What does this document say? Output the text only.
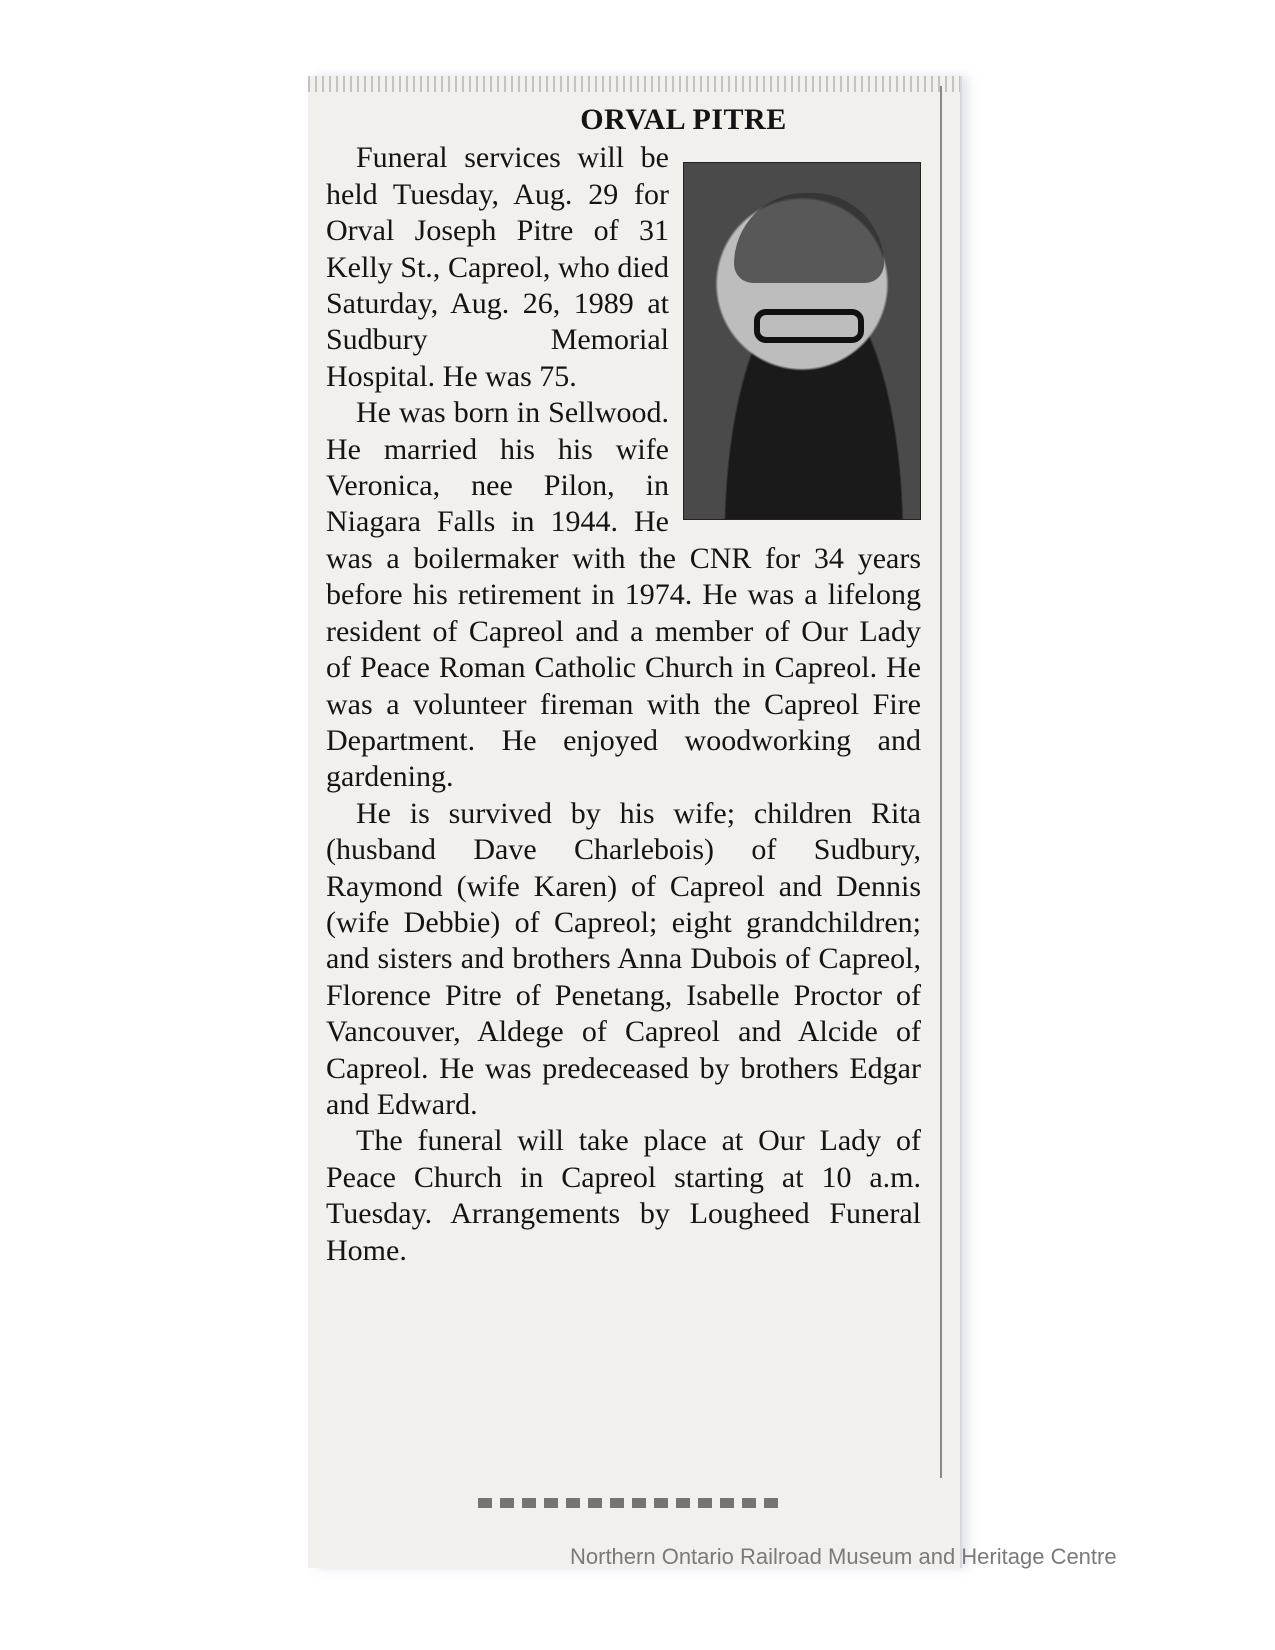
ORVAL PITRE

Funeral services will be held Tuesday, Aug. 29 for Orval Joseph Pitre of 31 Kelly St., Capreol, who died Saturday, Aug. 26, 1989 at Sudbury Memorial Hospital. He was 75.

He was born in Sellwood. He married his his wife Veronica, nee Pilon, in Niagara Falls in 1944. He was a boilermaker with the CNR for 34 years before his retirement in 1974. He was a lifelong resident of Capreol and a member of Our Lady of Peace Roman Catholic Church in Capreol. He was a volunteer fireman with the Capreol Fire Department. He enjoyed woodworking and gardening.

He is survived by his wife; children Rita (husband Dave Charlebois) of Sudbury, Raymond (wife Karen) of Capreol and Dennis (wife Debbie) of Capreol; eight grandchildren; and sisters and brothers Anna Dubois of Capreol, Florence Pitre of Penetang, Isabelle Proctor of Vancouver, Aldege of Capreol and Alcide of Capreol. He was predeceased by brothers Edgar and Edward.

The funeral will take place at Our Lady of Peace Church in Capreol starting at 10 a.m. Tuesday. Arrangements by Lougheed Funeral Home.

Northern Ontario Railroad Museum and Heritage Centre
